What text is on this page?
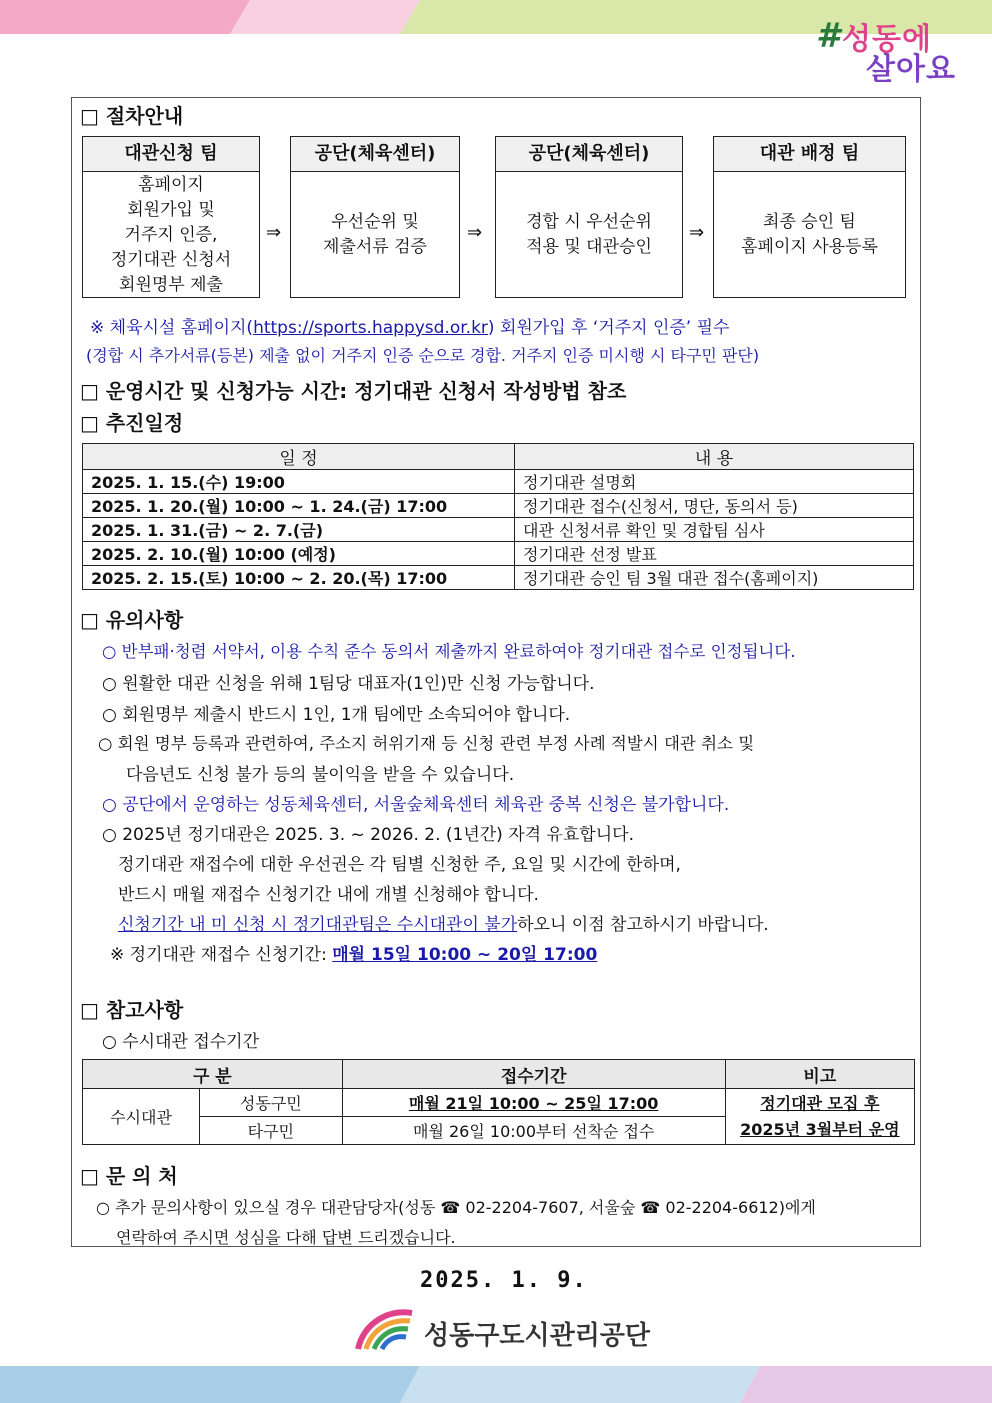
# 성동에
살아요
□ 절차안내
대관신청 팀
홈페이지
회원가입 및
거주지 인증,
정기대관 신청서
회원명부 제출
⇒
공단(체육센터)
우선순위 및
제출서류 검증
⇒
공단(체육센터)
경합 시 우선순위
적용 및 대관승인
⇒
대관 배정 팀
최종 승인 팀
홈페이지 사용등록
※ 체육시설 홈페이지(https://sports.happysd.or.kr) 회원가입 후 ‘거주지 인증’ 필수
(경합 시 추가서류(등본) 제출 없이 거주지 인증 순으로 경합. 거주지 인증 미시행 시 타구민 판단)
□ 운영시간 및 신청가능 시간: 정기대관 신청서 작성방법 참조
□ 추진일정
일 정	내 용
2025. 1. 15.(수) 19:00	정기대관 설명회
2025. 1. 20.(월) 10:00 ~ 1. 24.(금) 17:00	정기대관 접수(신청서, 명단, 동의서 등)
2025. 1. 31.(금) ~ 2. 7.(금)	대관 신청서류 확인 및 경합팀 심사
2025. 2. 10.(월) 10:00 (예정)	정기대관 선정 발표
2025. 2. 15.(토) 10:00 ~ 2. 20.(목) 17:00	정기대관 승인 팀 3월 대관 접수(홈페이지)
□ 유의사항
○ 반부패·청렴 서약서, 이용 수칙 준수 동의서 제출까지 완료하여야 정기대관 접수로 인정됩니다.
○ 원활한 대관 신청을 위해 1팀당 대표자(1인)만 신청 가능합니다.
○ 회원명부 제출시 반드시 1인, 1개 팀에만 소속되어야 합니다.
○ 회원 명부 등록과 관련하여, 주소지 허위기재 등 신청 관련 부정 사례 적발시 대관 취소 및
다음년도 신청 불가 등의 불이익을 받을 수 있습니다.
○ 공단에서 운영하는 성동체육센터, 서울숲체육센터 체육관 중복 신청은 불가합니다.
○ 2025년 정기대관은 2025. 3. ~ 2026. 2. (1년간) 자격 유효합니다.
정기대관 재접수에 대한 우선권은 각 팀별 신청한 주, 요일 및 시간에 한하며,
반드시 매월 재접수 신청기간 내에 개별 신청해야 합니다.
신청기간 내 미 신청 시 정기대관팀은 수시대관이 불가하오니 이점 참고하시기 바랍니다.
※ 정기대관 재접수 신청기간: 매월 15일 10:00 ~ 20일 17:00
□ 참고사항
○ 수시대관 접수기간
구 분		접수기간	비고
수시대관	성동구민	매월 21일 10:00 ~ 25일 17:00	정기대관 모집 후
2025년 3월부터 운영

	타구민	매월 26일 10:00부터 선착순 접수	
□ 문 의 처
○ 추가 문의사항이 있으실 경우 대관담당자(성동 ☎ 02-2204-7607, 서울숲 ☎ 02-2204-6612)에게
연락하여 주시면 성심을 다해 답변 드리겠습니다.
2025. 1. 9.
성동구도시관리공단
